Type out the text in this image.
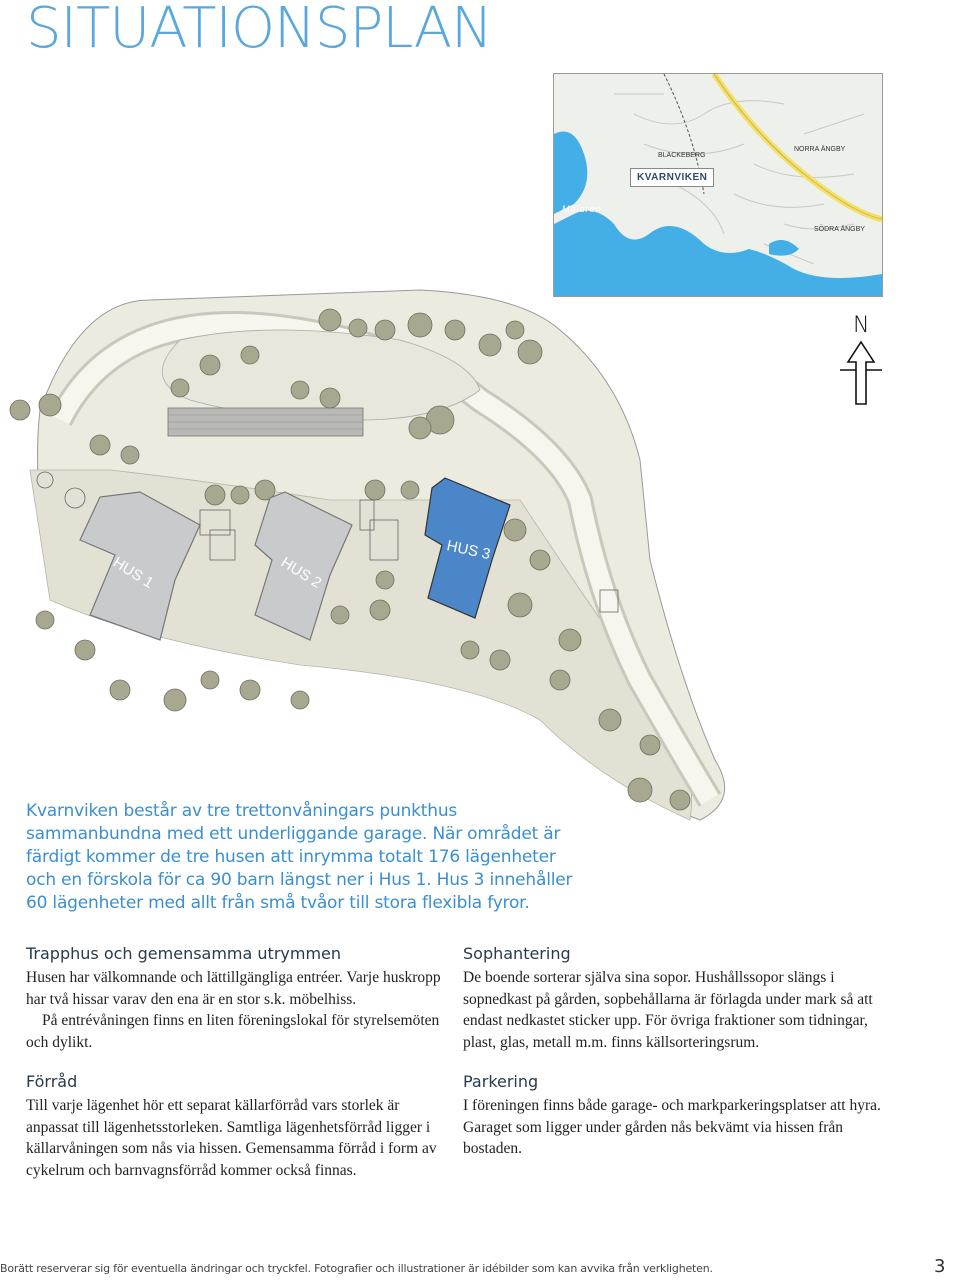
SITUATIONSPLAN
Mälaren
BLACKEBERG
NORRA ÄNGBY
SÖDRA ÄNGBY
KVARNVIKEN
N
HUS 1	HUS 2
HUS 3
Kvarnviken består av tre trettonvåningars punkthus sammanbundna med ett underliggande garage. När området är färdigt kommer de tre husen att inrymma totalt 176 lägenheter och en förskola för ca 90 barn längst ner i Hus 1. Hus 3 innehåller 60 lägenheter med allt från små tvåor till stora flexibla fyror.
Trapphus och gemensamma utrymmen

Husen har välkomnande och lättillgängliga entréer. Varje huskropp har två hissar varav den ena är en stor s.k. möbelhiss.

På entrévåningen finns en liten föreningslokal för styrelsemöten och dylikt.

Förråd

Till varje lägenhet hör ett separat källarförråd vars storlek är anpassat till lägenhetsstorleken. Samtliga lägenhetsförråd ligger i källarvåningen som nås via hissen. Gemensamma förråd i form av cykelrum och barnvagnsförråd kommer också finnas.

Sophantering

De boende sorterar själva sina sopor. Hushållssopor slängs i sopnedkast på gården, sopbehållarna är förlagda under mark så att endast nedkastet sticker upp. För övriga fraktioner som tidningar, plast, glas, metall m.m. finns källsorteringsrum.

Parkering

I föreningen finns både garage- och markparkeringsplatser att hyra. Garaget som ligger under gården nås bekvämt via hissen från bostaden.

Borätt reserverar sig för eventuella ändringar och tryckfel. Fotografier och illustrationer är idébilder som kan avvika från verkligheten.	3
